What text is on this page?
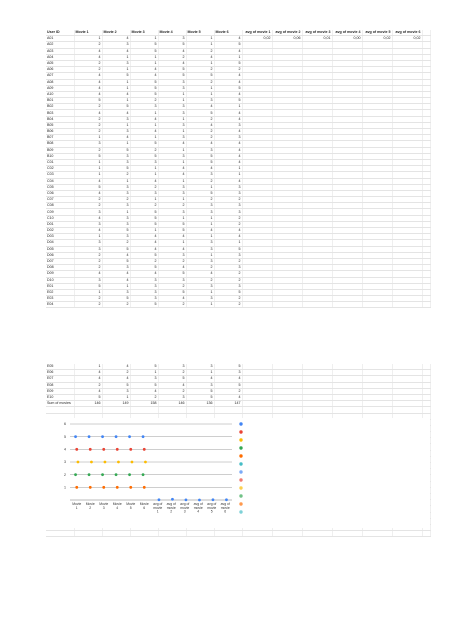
User ID	Movie 1	Movie 2	Movie 3	Movie 4	Movie 5	Movie 6	avg of movie 1	avg of movie 2	avg of movie 3	avg of movie 4	avg of movie 5	avg of movie 6	
A01	1	4	1	3	1	4	0,02	0,06	0,01	0,00	0,02	0,02	
A02	2	3	5	5	1	5							
A03	4	4	5	4	2	4							
A04	4	1	1	2	4	1							
A05	2	3	1	4	1	5							
A06	2	1	4	5	2	2							
A07	4	5	4	5	5	4							
A08	4	1	5	3	2	4							
A09	4	1	5	3	1	5							
A10	4	4	5	1	1	4							
B01	5	1	2	1	3	5							
B02	2	5	3	3	4	1							
B03	4	4	1	3	5	4							
B04	2	3	4	1	2	4							
B05	2	1	1	3	4	3							
B06	2	3	4	1	2	4							
B07	1	4	1	3	2	3							
B08	3	1	5	4	4	4							
B09	2	5	2	1	3	4							
B10	5	3	5	3	5	4							
C01	1	3	3	1	5	4							
C02	1	5	1	4	4	1							
C03	1	2	1	4	3	1							
C04	4	1	4	1	2	4							
C05	5	3	2	3	1	3							
C06	4	3	3	3	5	3							
C07	2	2	1	1	2	2							
C08	2	3	2	2	3	3							
C09	3	1	5	3	3	3							
C10	4	3	5	1	1	2							
D01	3	3	5	5	1	2							
D02	4	5	1	5	4	4							
D03	1	3	4	4	1	4							
D04	3	2	4	1	3	1							
D05	3	5	4	4	3	5							
D06	2	4	5	3	1	3							
D07	2	5	2	2	3	2							
D08	2	3	5	4	2	3							
D09	4	4	4	5	4	2							
D10	3	4	3	3	2	2							
E01	5	1	3	2	3	3							
E02	1	3	3	5	1	5							
E03	2	5	3	4	3	2							
E04	2	2	5	2	1	2							
E05	1	4	5	3	3	5							
E06	4	2	1	2	1	3							
E07	4	4	3	5	4	4							
E08	2	5	5	4	3	5							
E09	4	3	4	2	5	2							
E10	5	1	2	3	5	4							
Sum of movies	146	149	158	146	136	147							

6
5
4
3
2
1
Movie 1
Movie 2
Movie 3
Movie 4
Movie 5
Movie 6
avg of movie 1
avg of movie 2
avg of movie 3
avg of movie 4
avg of movie 5
avg of movie 6
